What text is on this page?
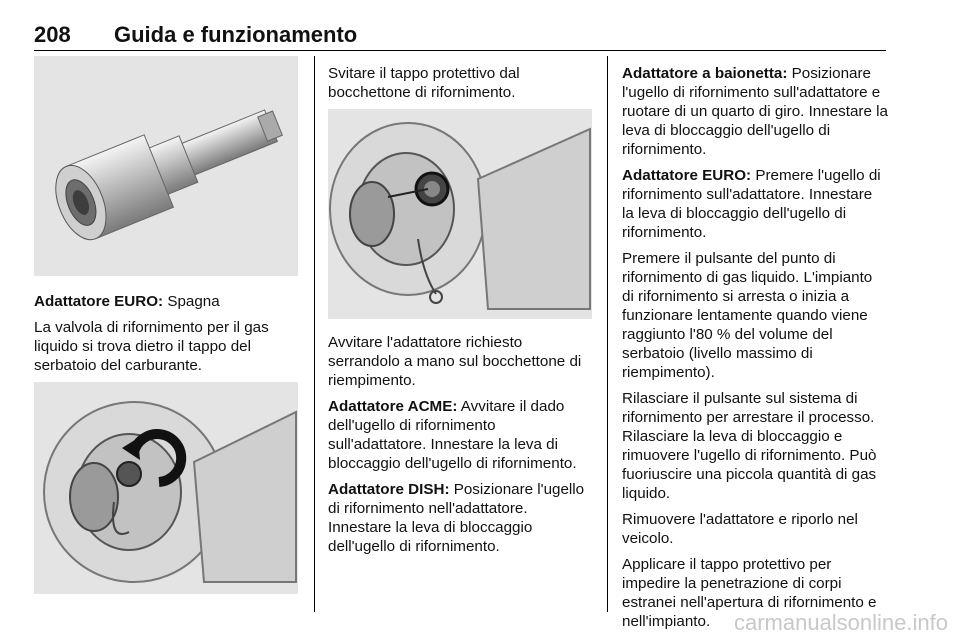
208 Guida e funzionamento

Adattatore EURO: Spagna

La valvola di rifornimento per il gas liquido si trova dietro il tappo del serbatoio del carburante.

Svitare il tappo protettivo dal bocchettone di rifornimento.

Avvitare l'adattatore richiesto serrandolo a mano sul bocchettone di riempimento.

Adattatore ACME: Avvitare il dado dell'ugello di rifornimento sull'adattatore. Innestare la leva di bloccaggio dell'ugello di rifornimento.

Adattatore DISH: Posizionare l'ugello di rifornimento nell'adattatore. Innestare la leva di bloccaggio dell'ugello di rifornimento.

Adattatore a baionetta: Posizionare l'ugello di rifornimento sull'adattatore e ruotare di un quarto di giro. Innestare la leva di bloccaggio dell'ugello di rifornimento.

Adattatore EURO: Premere l'ugello di rifornimento sull'adattatore. Innestare la leva di bloccaggio dell'ugello di rifornimento.

Premere il pulsante del punto di rifornimento di gas liquido. L'impianto di rifornimento si arresta o inizia a funzionare lentamente quando viene raggiunto l'80 % del volume del serbatoio (livello massimo di riempimento).

Rilasciare il pulsante sul sistema di rifornimento per arrestare il processo. Rilasciare la leva di bloccaggio e rimuovere l'ugello di rifornimento. Può fuoriuscire una piccola quantità di gas liquido.

Rimuovere l'adattatore e riporlo nel veicolo.

Applicare il tappo protettivo per impedire la penetrazione di corpi estranei nell'apertura di rifornimento e nell'impianto.	carmanualsonline.info
